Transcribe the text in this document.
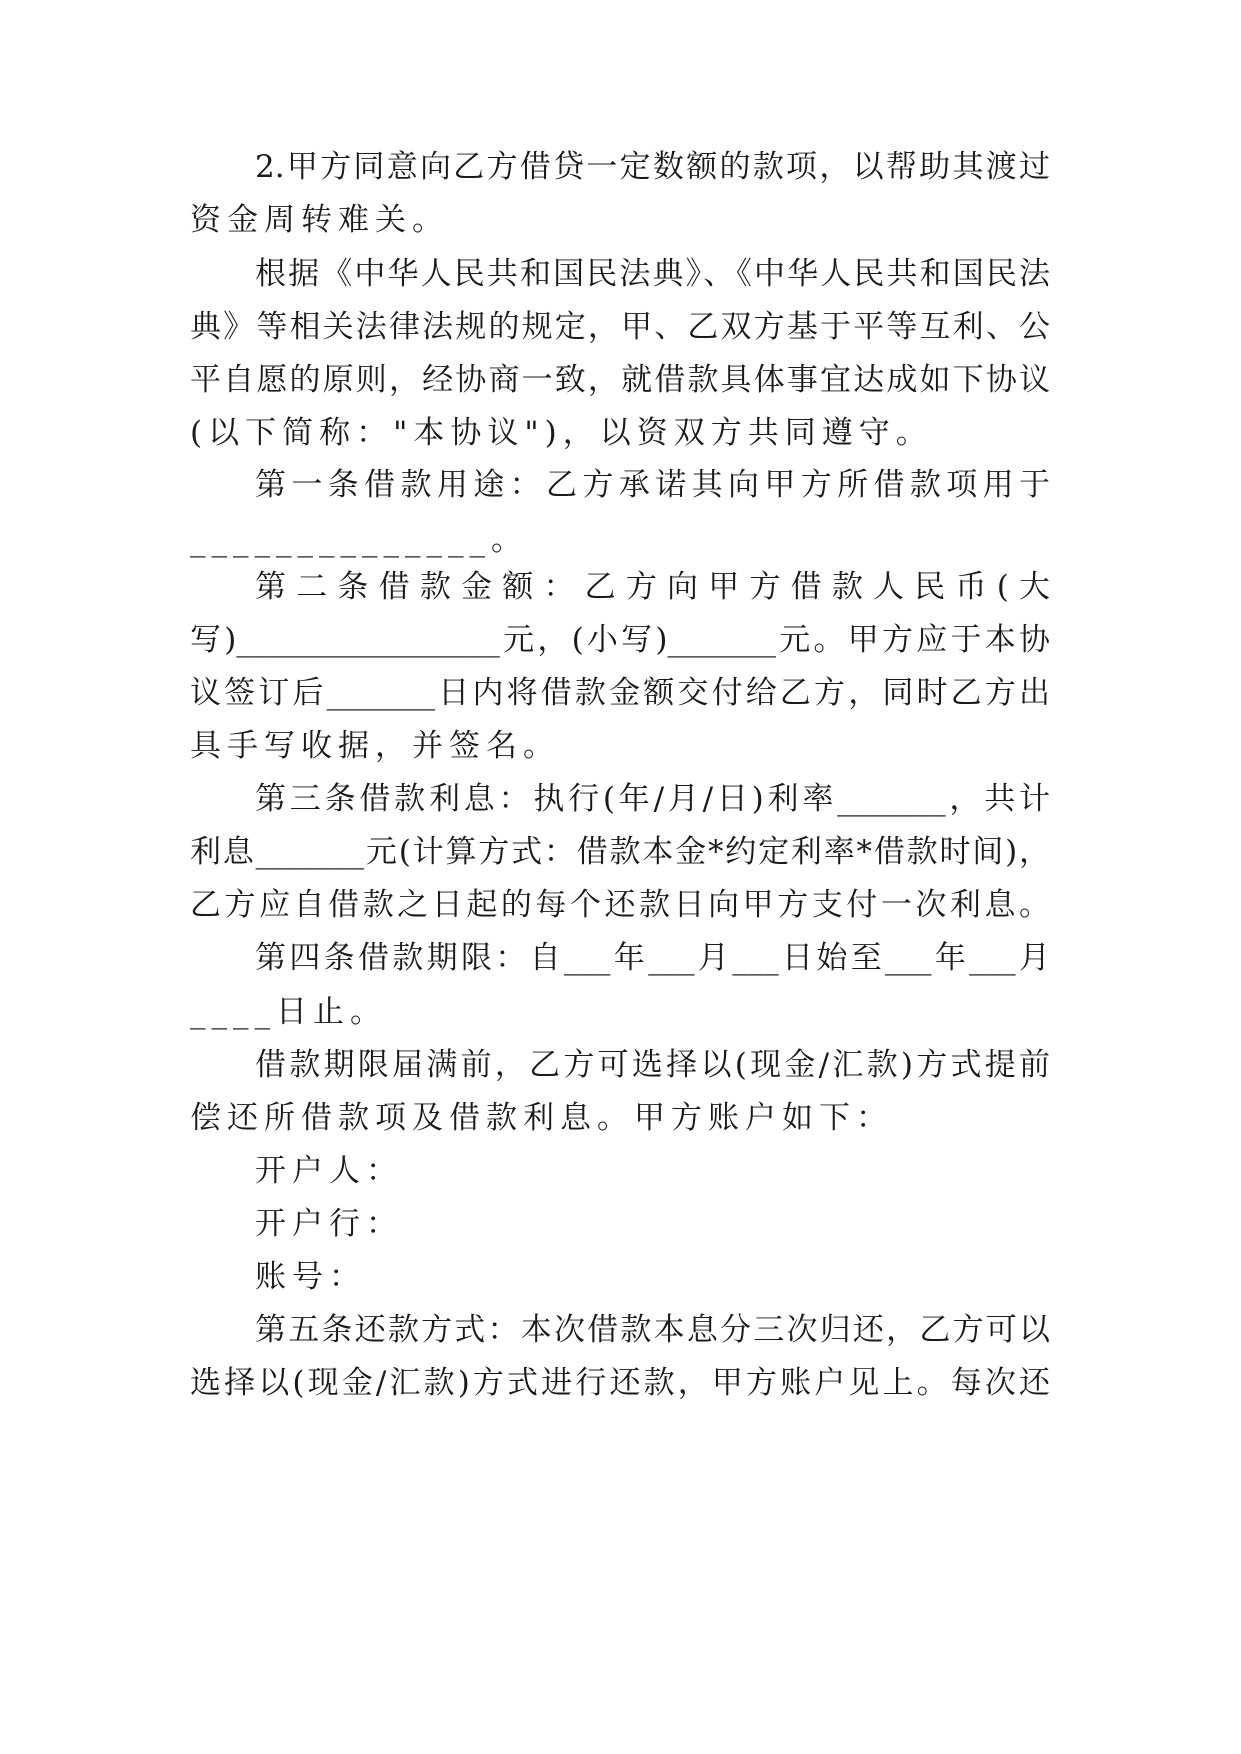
2.甲方同意向乙方借贷一定数额的款项，以帮助其渡过
资金周转难关。
根据《中华人民共和国民法典》、《中华人民共和国民法
典》等相关法律法规的规定，甲、乙双方基于平等互利、公
平自愿的原则，经协商一致，就借款具体事宜达成如下协议
(以下简称："本协议")，以资双方共同遵守。
第一条借款用途：乙方承诺其向甲方所借款项用于
______________。
第二条借款金额：乙方向甲方借款人民币(大
写)_________________元，(小写)_______元。甲方应于本协
议签订后_______日内将借款金额交付给乙方，同时乙方出
具手写收据，并签名。
第三条借款利息：执行(年/月/日)利率_______，共计
利息_______元(计算方式：借款本金*约定利率*借款时间)，
乙方应自借款之日起的每个还款日向甲方支付一次利息。
第四条借款期限：自___年___月___日始至___年___月
____日止。
借款期限届满前，乙方可选择以(现金/汇款)方式提前
偿还所借款项及借款利息。甲方账户如下：
开户人：
开户行：
账号：
第五条还款方式：本次借款本息分三次归还，乙方可以
选择以(现金/汇款)方式进行还款，甲方账户见上。每次还
